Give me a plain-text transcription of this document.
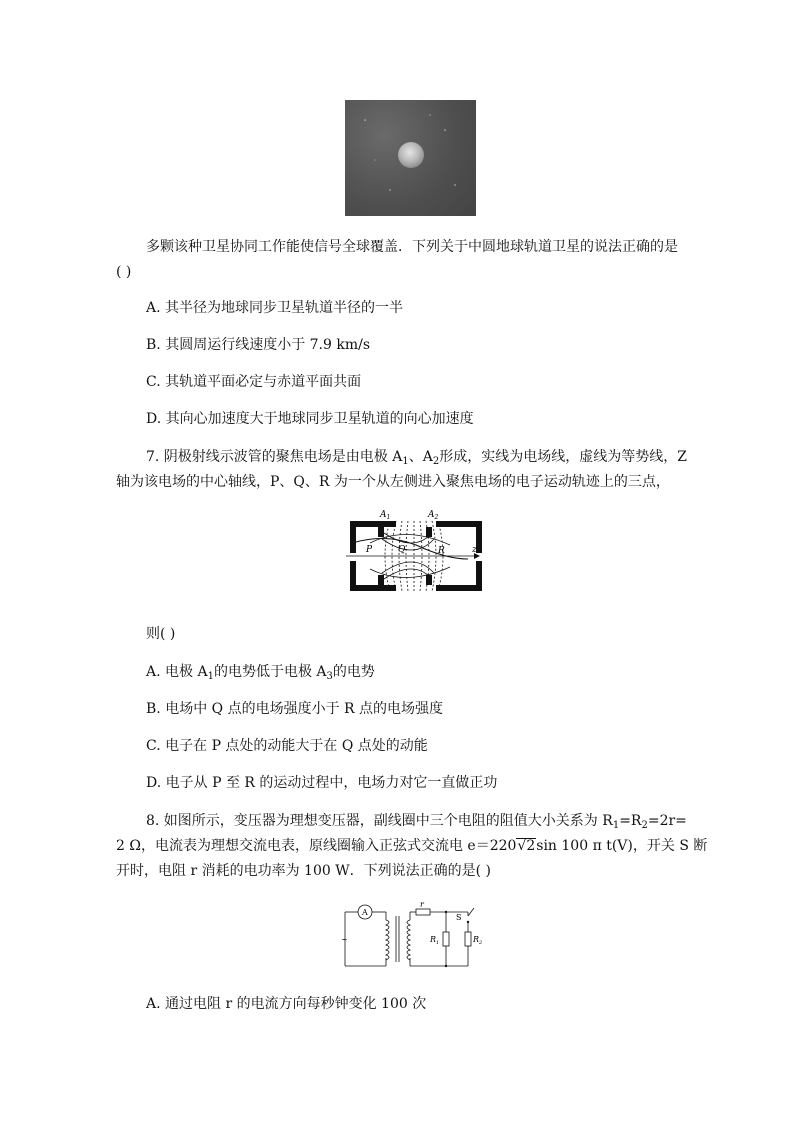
多颗该种卫星协同工作能使信号全球覆盖．下列关于中圆地球轨道卫星的说法正确的是
( )
A. 其半径为地球同步卫星轨道半径的一半
B. 其圆周运行线速度小于 7.9 km/s
C. 其轨道平面必定与赤道平面共面
D. 其向心加速度大于地球同步卫星轨道的向心加速度
7. 阴极射线示波管的聚焦电场是由电极 $A_1$、$A_2$形成，实线为电场线，虚线为等势线，Z
轴为该电场的中心轴线，P、Q、R 为一个从左侧进入聚焦电场的电子运动轨迹上的三点，
$A_1$	$A_2$
z
P	Q	R
则( )
A. 电极 $A_1$的电势低于电极 $A_3$的电势
B. 电场中 Q 点的电场强度小于 R 点的电场强度
C. 电子在 P 点处的动能大于在 Q 点处的动能
D. 电子从 P 至 R 的运动过程中，电场力对它一直做正功
8. 如图所示，变压器为理想变压器，副线圈中三个电阻的阻值大小关系为 $R_1=R_2=2r=$
2 Ω，电流表为理想交流电表，原线圈输入正弦式交流电 e＝220√2sin 100 π t(V)，开关 S 断
开时，电阻 r 消耗的电功率为 100 W．下列说法正确的是( )
A
~
r
S
$R_1$	$R_2$
A. 通过电阻 r 的电流方向每秒钟变化 100 次
